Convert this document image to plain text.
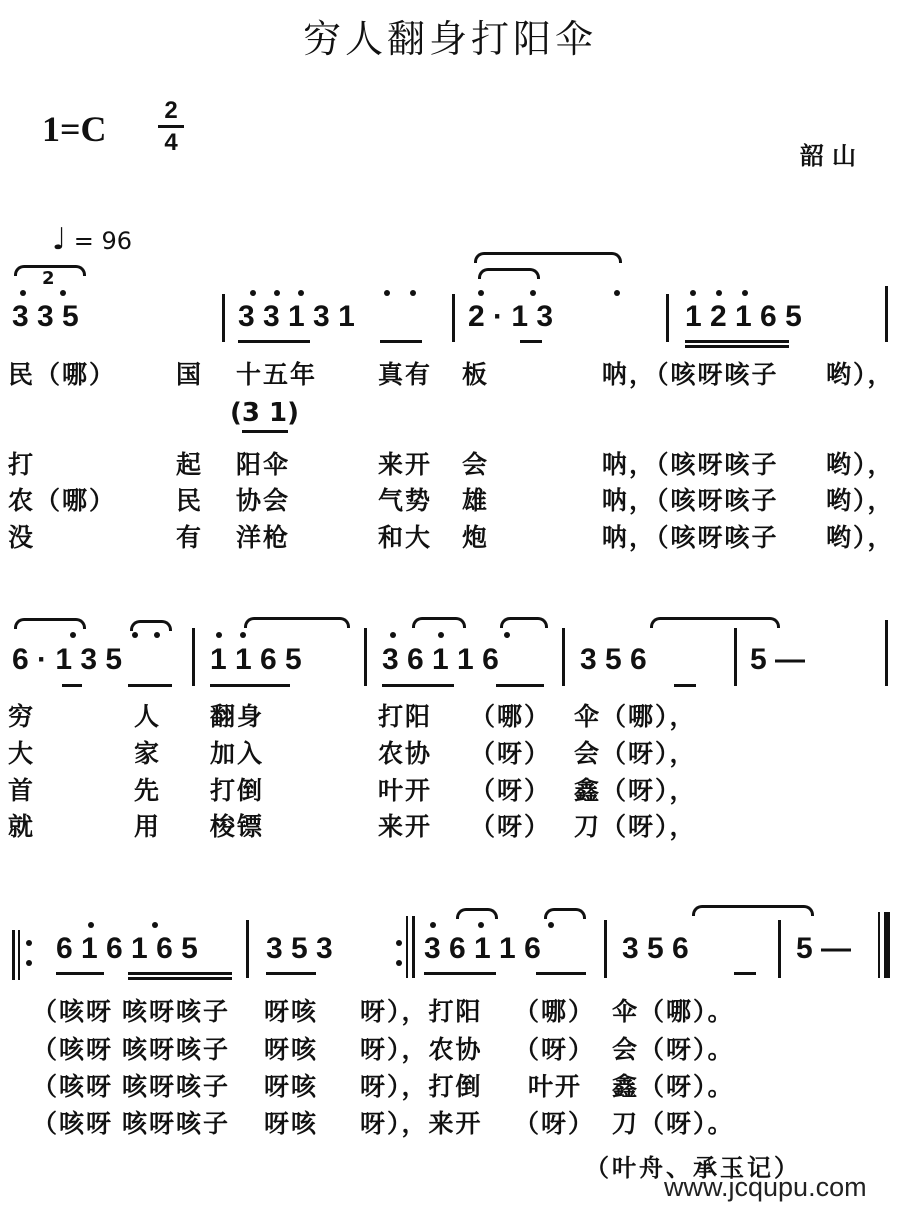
穷人翻身打阳伞
1=C 2
4	韶山
♩ = 96
2
3 3 5	3 3 1 3 1	2 · 1 3	1 2 1 6 5
(3 1)
民（哪） 国 十五年 真有 板	呐，（咳呀咳子 哟），
打	起 阳伞	来开 会	呐，（咳呀咳子 哟），
农（哪） 民 协会	气势 雄	呐，（咳呀咳子 哟），
没	有 洋枪	和大 炮	呐，（咳呀咳子 哟），
6 · 1 3 5	1 1 6 5	3 6 1 1 6	3 5 6	5 —
穷	人 翻身	打阳 （哪） 伞（哪），
大	家 加入	农协 （呀） 会（呀），
首	先 打倒	叶开 （呀） 鑫（呀），
就	用 梭镖	来开 （呀） 刀（呀），
6 1 6 1 6 5 3 5 3	3 6 1 1 6	3 5 6	5 —
（咳呀 咳呀咳子 呀咳 呀），打阳 （哪） 伞（哪）。
（咳呀 咳呀咳子 呀咳 呀），农协 （呀） 会（呀）。
（咳呀 咳呀咳子 呀咳 呀），打倒 叶开 鑫（呀）。
（咳呀 咳呀咳子 呀咳 呀），来开 （呀） 刀（呀）。
（叶舟、承玉记）
www.jcqupu.com
